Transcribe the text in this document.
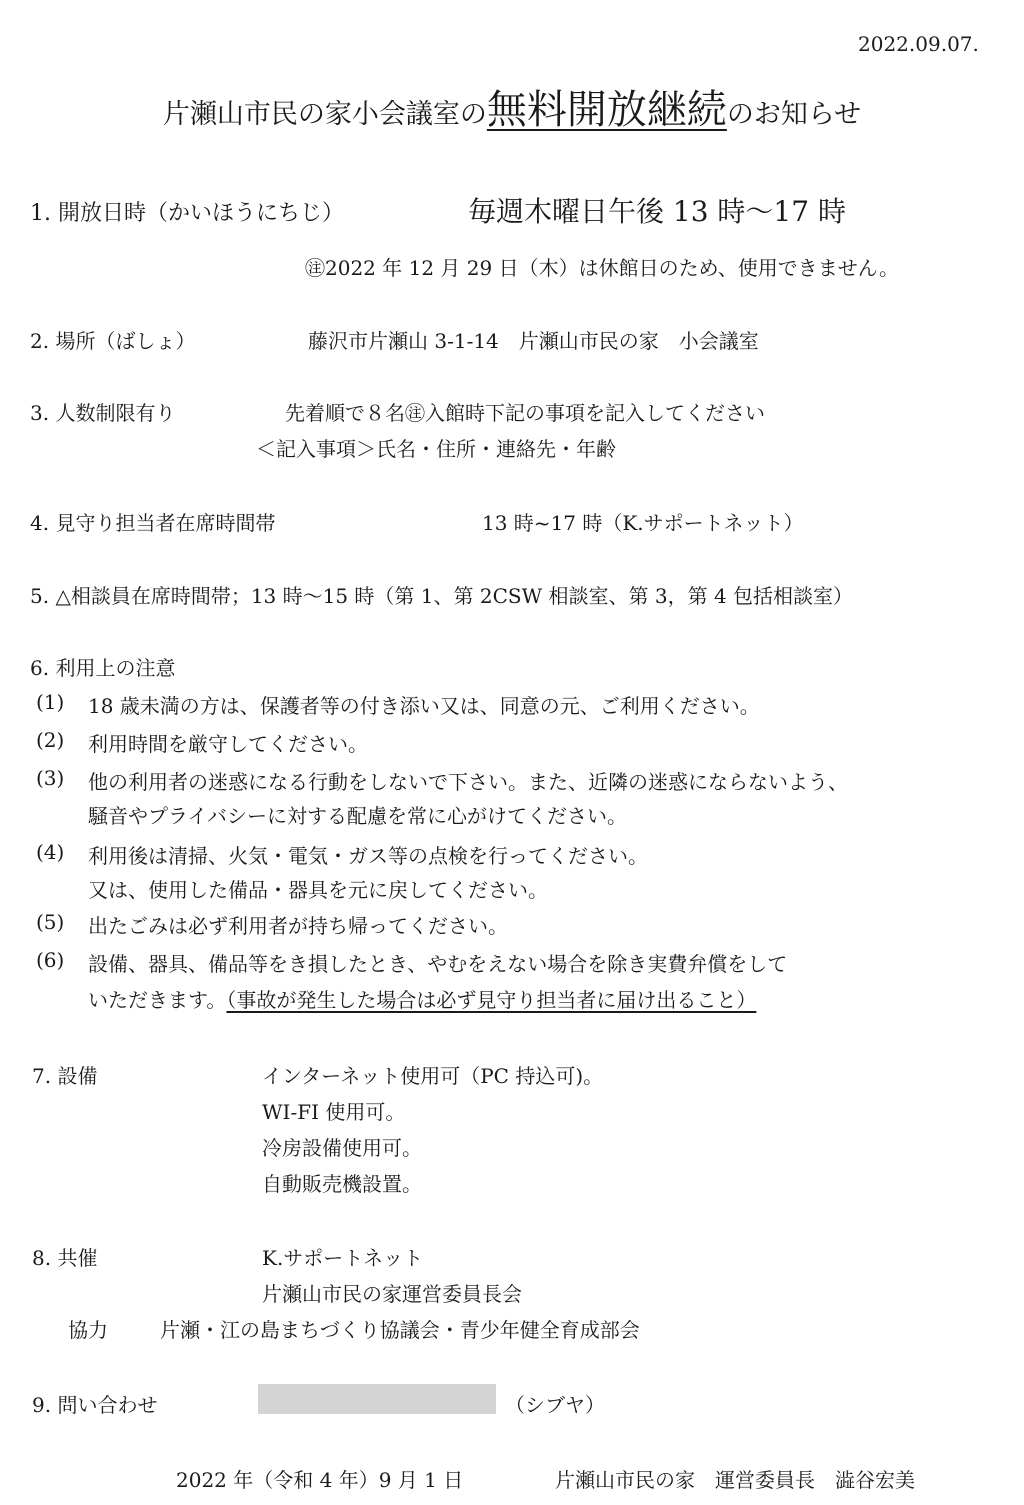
2022.09.07.
片瀬山市民の家小会議室の無料開放継続のお知らせ
1. 開放日時（かいほうにちじ）	毎週木曜日午後 13 時～17 時
㊟2022 年 12 月 29 日（木）は休館日のため、使用できません。
2. 場所（ばしょ）	藤沢市片瀬山 3-1-14　片瀬山市民の家　小会議室
3. 人数制限有り	先着順で８名㊟入館時下記の事項を記入してください
＜記入事項＞氏名・住所・連絡先・年齢
4. 見守り担当者在席時間帯	13 時~17 時（K.サポートネット）
5. △相談員在席時間帯；13 時～15 時（第 1、第 2CSW 相談室、第 3，第 4 包括相談室）
6. 利用上の注意
(1) 18 歳未満の方は、保護者等の付き添い又は、同意の元、ご利用ください。
(2) 利用時間を厳守してください。
(3) 他の利用者の迷惑になる行動をしないで下さい。また、近隣の迷惑にならないよう、
騒音やプライバシーに対する配慮を常に心がけてください。
(4) 利用後は清掃、火気・電気・ガス等の点検を行ってください。
又は、使用した備品・器具を元に戻してください。
(5) 出たごみは必ず利用者が持ち帰ってください。
(6) 設備、器具、備品等をき損したとき、やむをえない場合を除き実費弁償をして
いただきます。（事故が発生した場合は必ず見守り担当者に届け出ること）
7. 設備	インターネット使用可（PC 持込可)。
WI-FI 使用可。
冷房設備使用可。
自動販売機設置。
8. 共催	K.サポートネット
片瀬山市民の家運営委員長会
協力	片瀬・江の島まちづくり協議会・青少年健全育成部会
9. 問い合わせ	（シブヤ）
2022 年（令和 4 年）9 月 1 日	片瀬山市民の家　運営委員長　澁谷宏美
